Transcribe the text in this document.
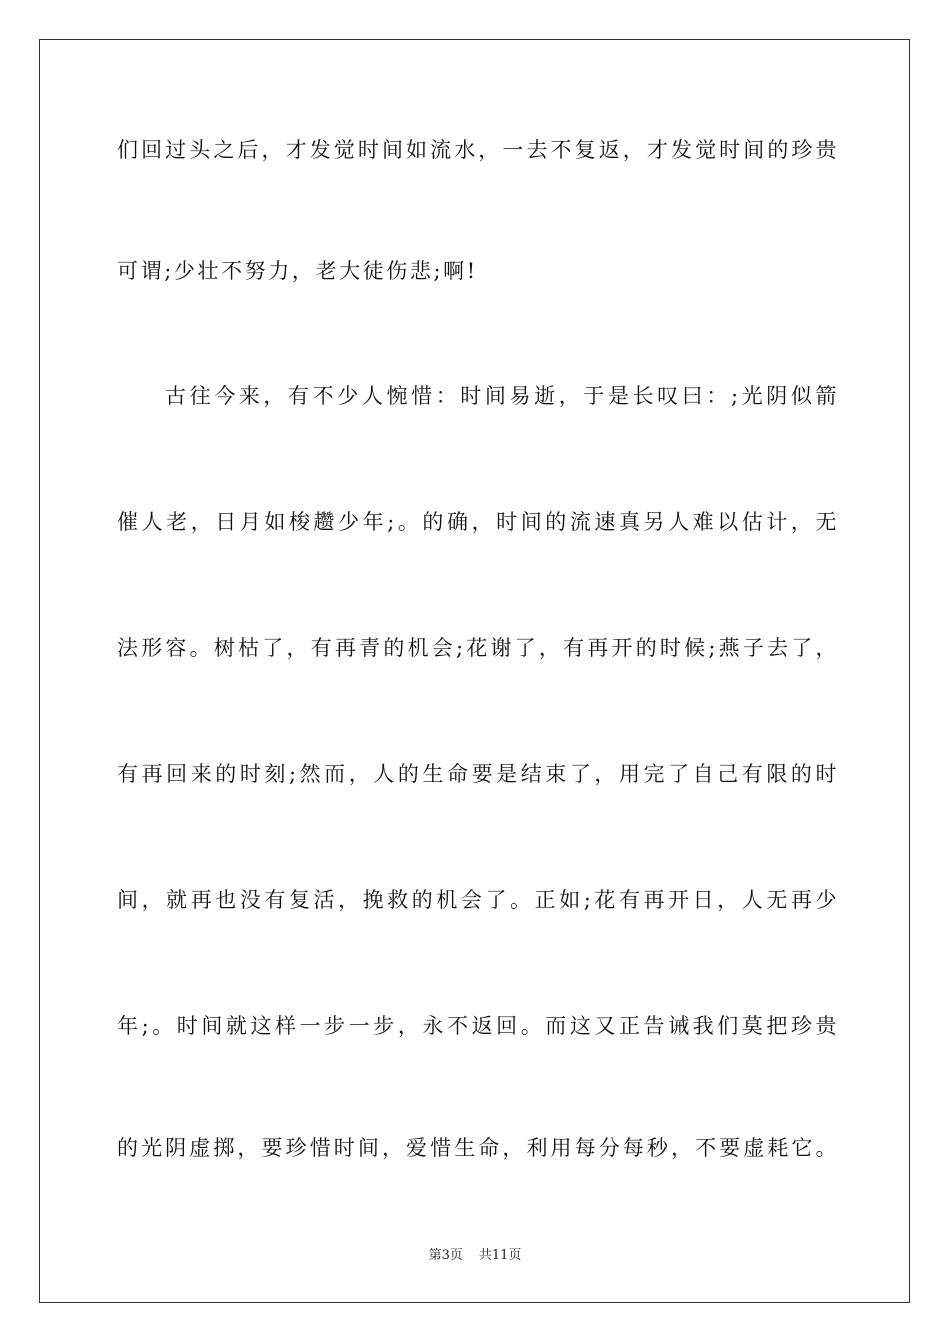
们回过头之后，才发觉时间如流水，一去不复返，才发觉时间的珍贵
可谓;少壮不努力，老大徒伤悲;啊!
古往今来，有不少人惋惜：时间易逝，于是长叹曰：;光阴似箭
催人老，日月如梭趱少年;。的确，时间的流速真另人难以估计，无
法形容。树枯了，有再青的机会;花谢了，有再开的时候;燕子去了，
有再回来的时刻;然而，人的生命要是结束了，用完了自己有限的时
间，就再也没有复活，挽救的机会了。正如;花有再开日，人无再少
年;。时间就这样一步一步，永不返回。而这又正告诫我们莫把珍贵
的光阴虚掷，要珍惜时间，爱惜生命，利用每分每秒，不要虚耗它。
第3页 共11页
